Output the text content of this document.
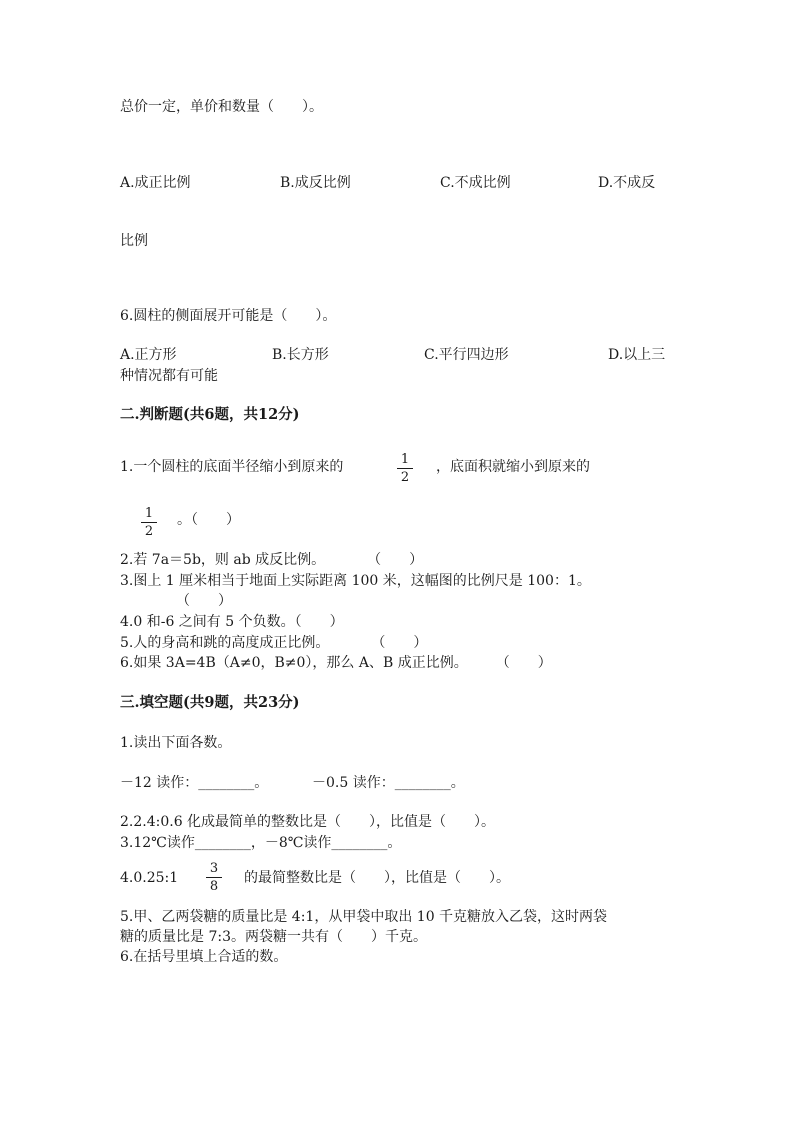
总价一定，单价和数量（　　）。
A.成正比例	B.成反比例	C.不成比例	D.不成反
比例
6.圆柱的侧面展开可能是（　　）。
A.正方形	B.长方形	C.平行四边形	D.以上三
种情况都有可能
二.判断题(共6题，共12分)
1.一个圆柱的底面半径缩小到原来的	1
2
，底面积就缩小到原来的
1
2
。（　　）
2.若 7a＝5b，则 ab 成反比例。　　　　（　　）
3.图上 1 厘米相当于地面上实际距离 100 米，这幅图的比例尺是 100：1。
（　　）
4.0 和-6 之间有 5 个负数。（　　）
5.人的身高和跳的高度成正比例。　　　　（　　）
6.如果 3A=4B（A≠0，B≠0），那么 A、B 成正比例。　　　（　　）
三.填空题(共9题，共23分)
1.读出下面各数。
－12 读作：________。	－0.5 读作：________。
2.2.4:0.6 化成最简单的整数比是（　　），比值是（　　）。
3.12℃读作________，－8℃读作________。
4.0.25:1
3
8
的最简整数比是（　　），比值是（　　）。
5.甲、乙两袋糖的质量比是 4:1，从甲袋中取出 10 千克糖放入乙袋，这时两袋
糖的质量比是 7:3。两袋糖一共有（　　）千克。
6.在括号里填上合适的数。
